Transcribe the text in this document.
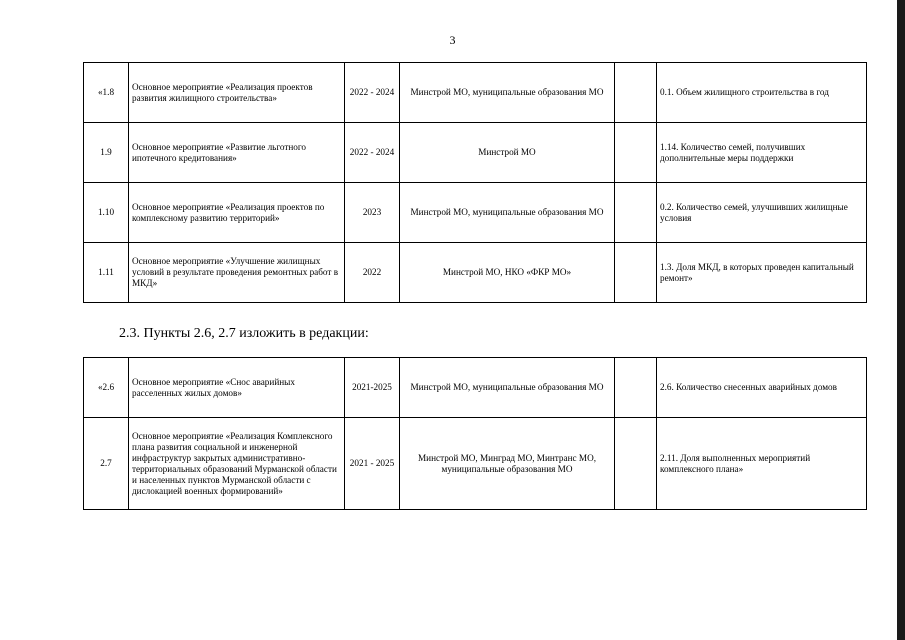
3
«1.8	Основное мероприятие «Реализация проектов развития жилищного строительства»	2022 - 2024	Минстрой МО, муниципальные образования МО		0.1. Объем жилищного строительства в год
1.9	Основное мероприятие «Развитие льготного ипотечного кредитования»	2022 - 2024	Минстрой МО		1.14. Количество семей, получивших дополнительные меры поддержки
1.10	Основное мероприятие «Реализация проектов по комплексному развитию территорий»	2023	Минстрой МО, муниципальные образования МО		0.2. Количество семей, улучшивших жилищные условия
1.11	Основное мероприятие «Улучшение жилищных условий в результате проведения ремонтных работ в МКД»	2022	Минстрой МО, НКО «ФКР МО»		1.3. Доля МКД, в которых проведен капитальный ремонт»
2.3. Пункты 2.6, 2.7 изложить в редакции:
«2.6	Основное мероприятие «Снос аварийных расселенных жилых домов»	2021-2025	Минстрой МО, муниципальные образования МО		2.6. Количество снесенных аварийных домов
2.7	Основное мероприятие «Реализация Комплексного плана развития социальной и инженерной инфраструктур закрытых административно-территориальных образований Мурманской области и населенных пунктов Мурманской области с дислокацией военных формирований»	2021 - 2025	Минстрой МО, Минград МО, Минтранс МО, муниципальные образования МО		2.11. Доля выполненных мероприятий комплексного плана»
